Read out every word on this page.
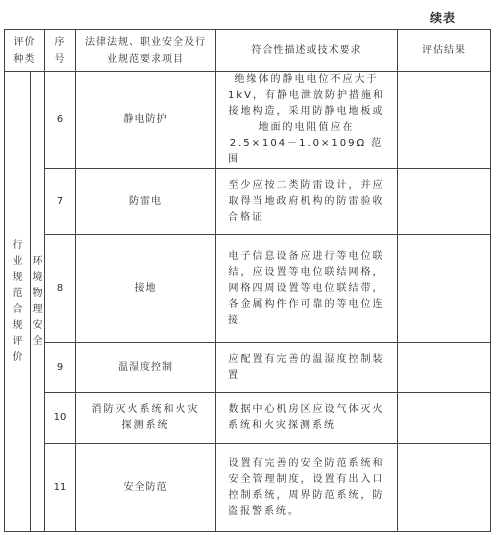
续表
评价种类		序号	法律法规、职业安全及行业规范要求项目	符合性描述或技术要求	评估结果
行业规范合规评价	环境物理安全	6	静电防护	绝缘体的静电电位不应大于1kV，有静电泄放防护措施和接地构造，采用防静电地板或地面的电阻值应在 2.5×104－1.0×109Ω 范围	
		7	防雷电	至少应按二类防雷设计，并应取得当地政府机构的防雷验收合格证	
		8	接地	电子信息设备应进行等电位联结，应设置等电位联结网格，网格四周设置等电位联结带，各金属构件作可靠的等电位连接	
		9	温湿度控制	应配置有完善的温湿度控制装置	
		10	消防灭火系统和火灾探测系统	数据中心机房区应设气体灭火系统和火灾探测系统	
		11	安全防范	设置有完善的安全防范系统和安全管理制度，设置有出入口控制系统，周界防范系统，防盗报警系统。	
